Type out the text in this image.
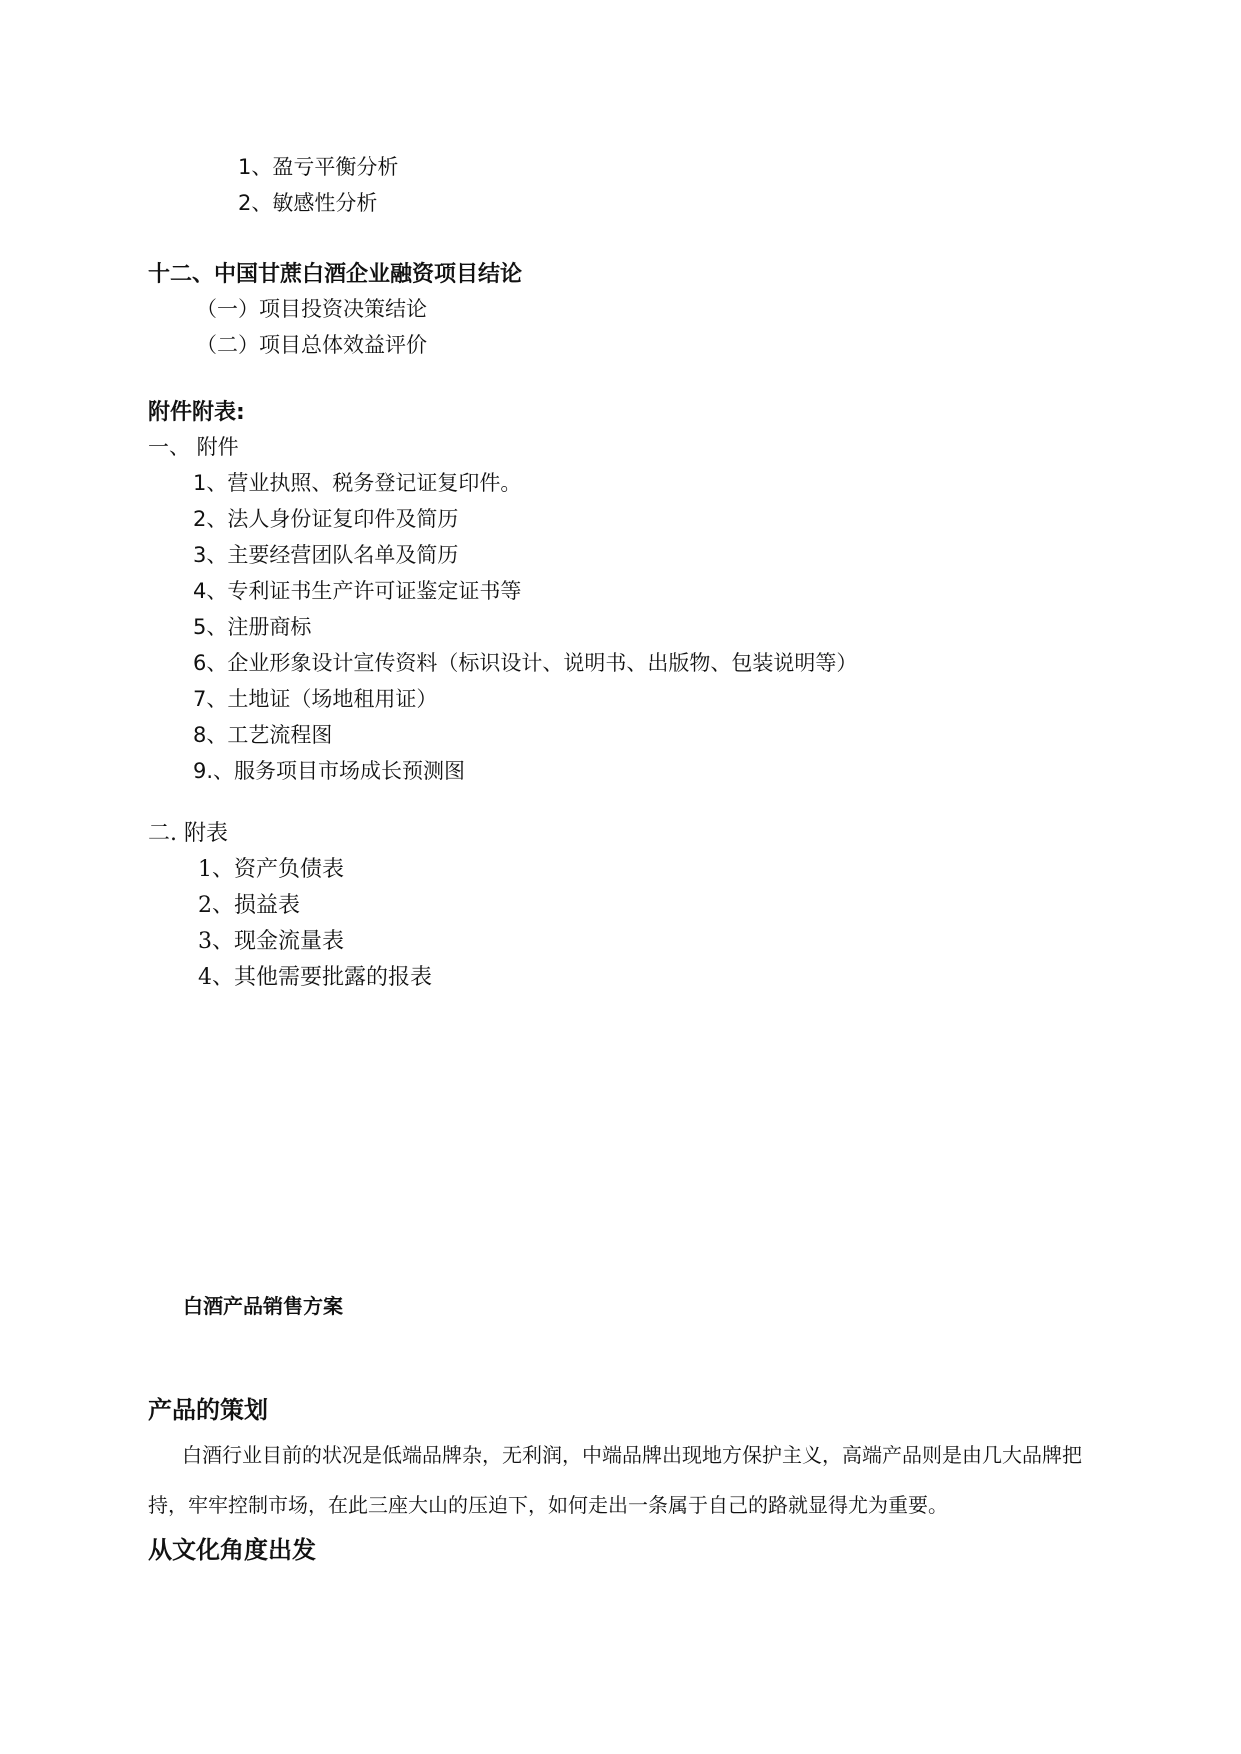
1、盈亏平衡分析
2、敏感性分析
十二、中国甘蔗白酒企业融资项目结论
（一）项目投资决策结论
（二）项目总体效益评价
附件附表:
一、 附件
1、营业执照、税务登记证复印件。
2、法人身份证复印件及简历
3、主要经营团队名单及简历
4、专利证书生产许可证鉴定证书等
5、注册商标
6、企业形象设计宣传资料（标识设计、说明书、出版物、包装说明等）
7、土地证（场地租用证）
8、工艺流程图
9.、服务项目市场成长预测图
二. 附表
1、资产负债表
2、损益表
3、现金流量表
4、其他需要批露的报表
白酒产品销售方案
产品的策划
白酒行业目前的状况是低端品牌杂，无利润，中端品牌出现地方保护主义，高端产品则是由几大品牌把持，牢牢控制市场，在此三座大山的压迫下，如何走出一条属于自己的路就显得尤为重要。
从文化角度出发
